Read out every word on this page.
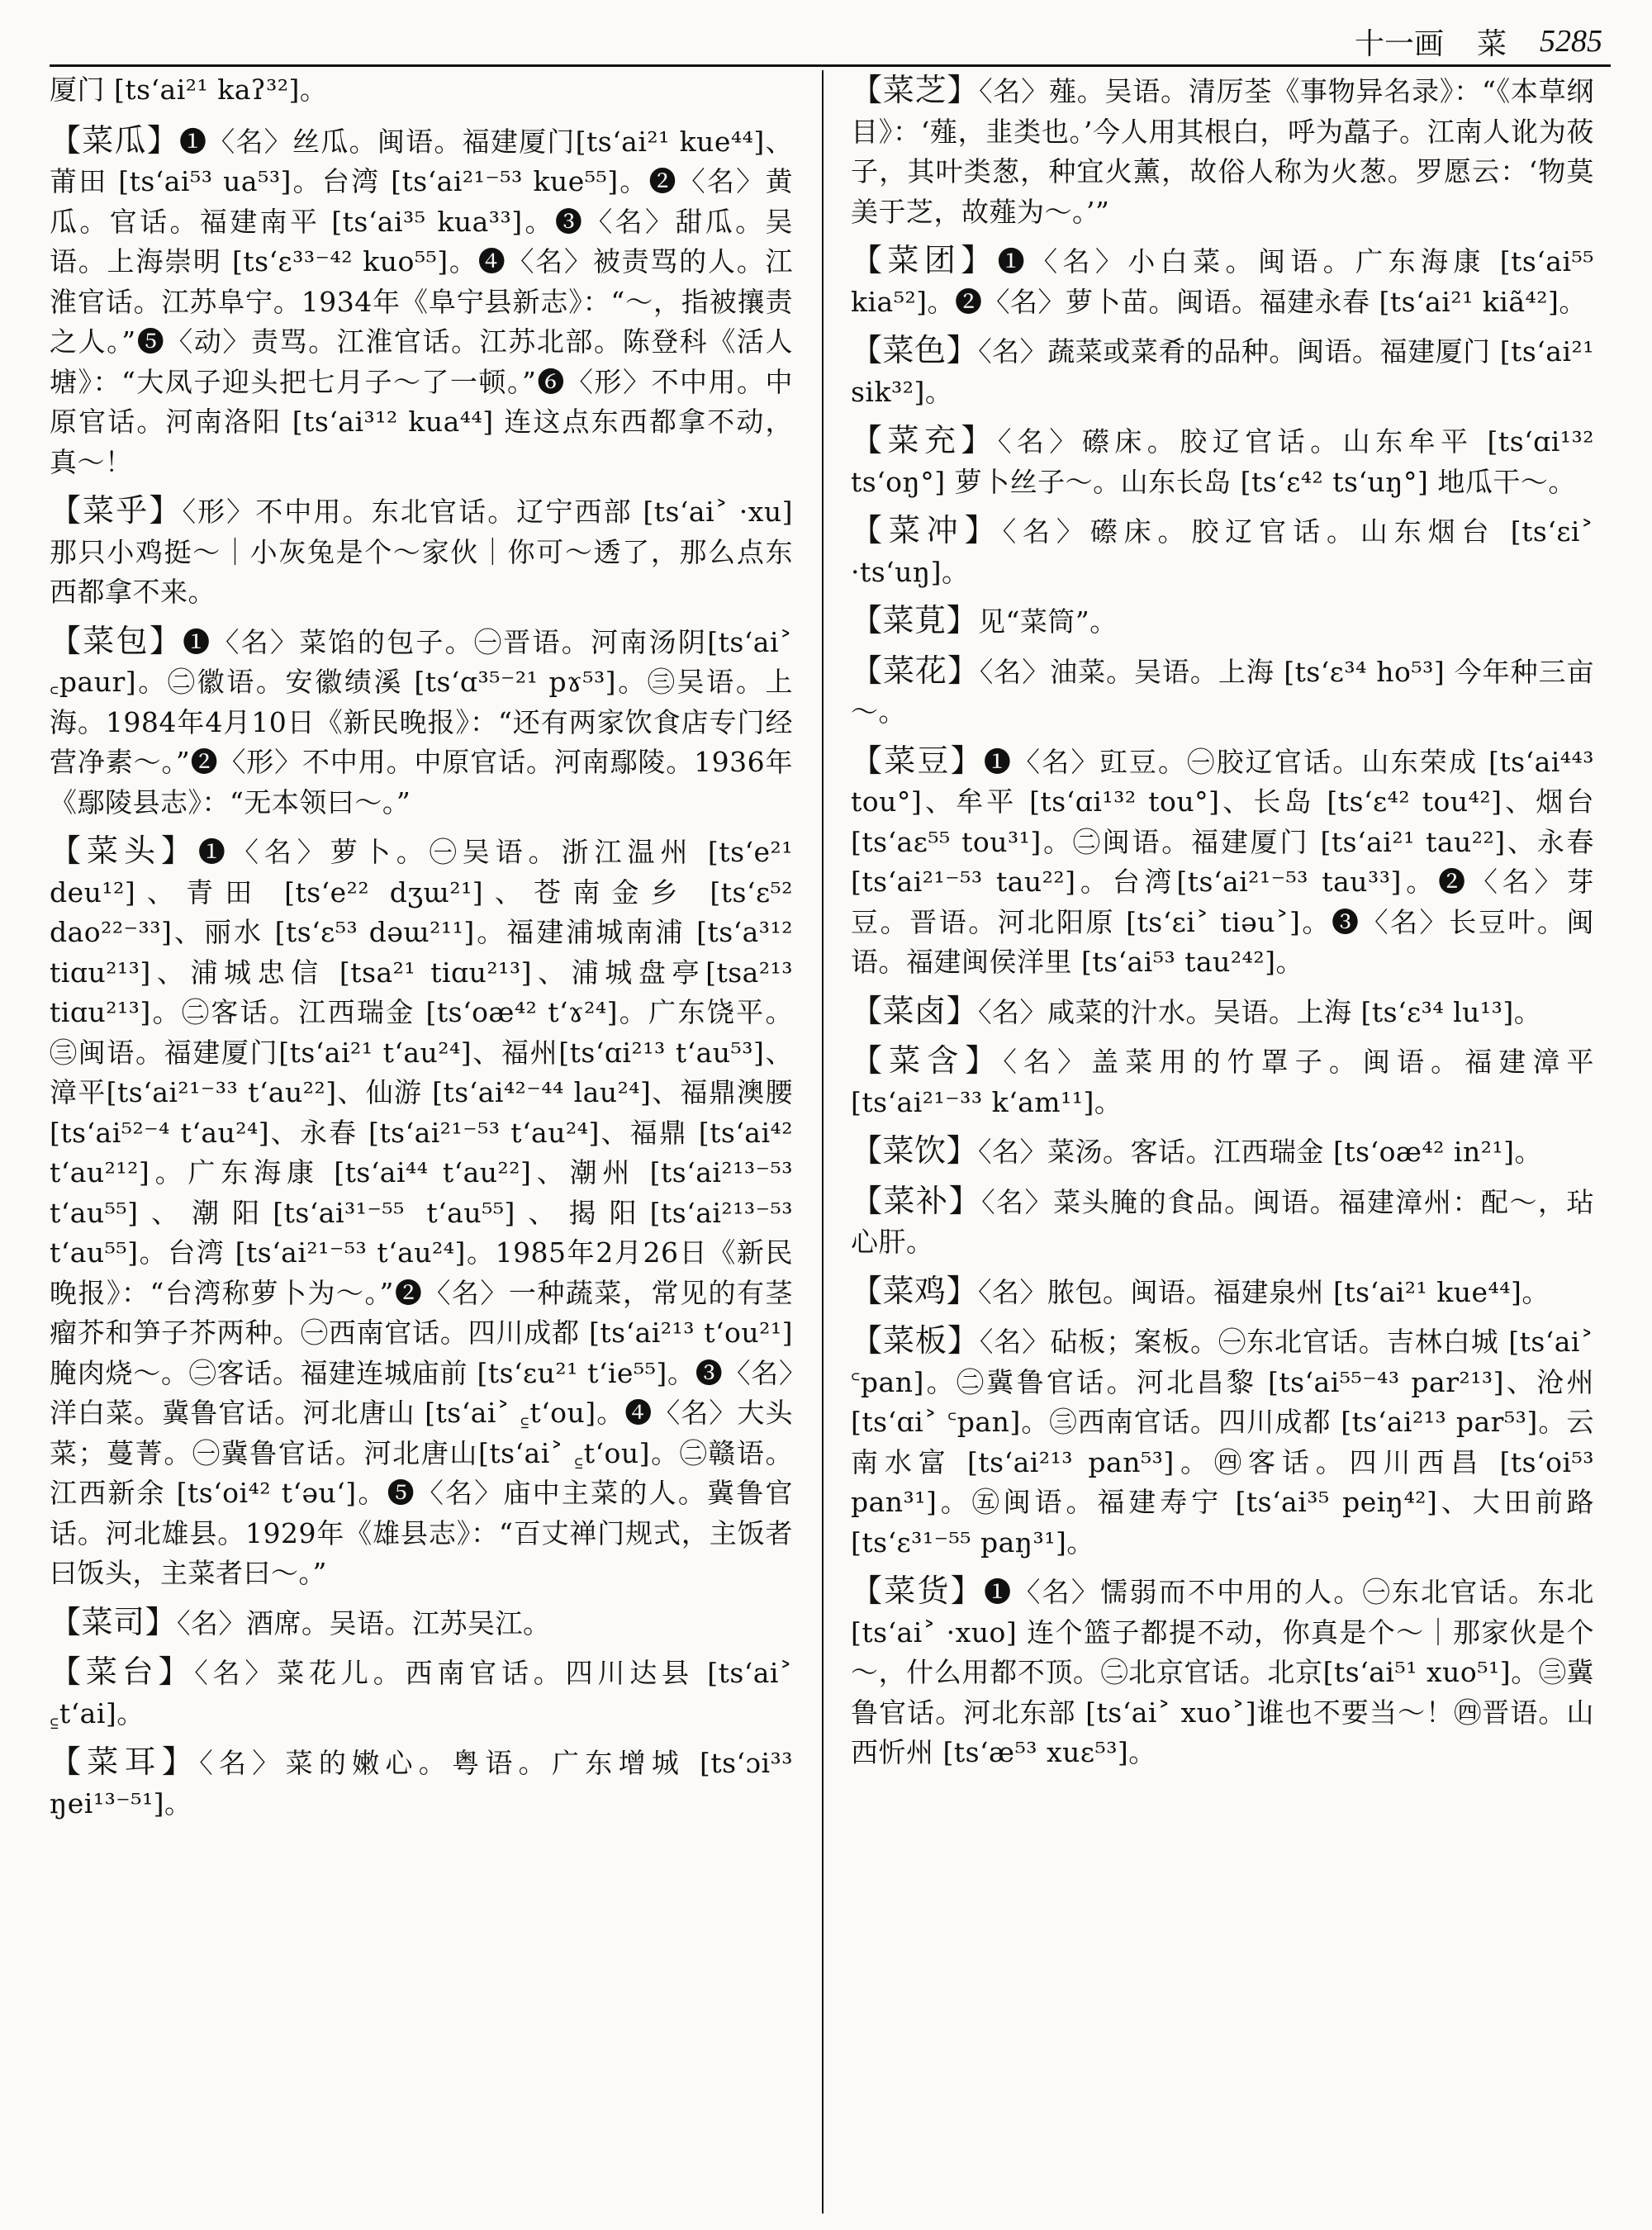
十一画 菜 5285

厦门 [ts‘ai²¹ kaʔ³²]。

【菜瓜】❶〈名〉丝瓜。闽语。福建厦门[ts‘ai²¹ kue⁴⁴]、莆田 [ts‘ai⁵³ ua⁵³]。台湾 [ts‘ai²¹⁻⁵³ kue⁵⁵]。❷〈名〉黄瓜。官话。福建南平 [ts‘ai³⁵ kua³³]。❸〈名〉甜瓜。吴语。上海崇明 [ts‘ɛ³³⁻⁴² kuo⁵⁵]。❹〈名〉被责骂的人。江淮官话。江苏阜宁。1934年《阜宁县新志》：“～，指被攘责之人。”❺〈动〉责骂。江淮官话。江苏北部。陈登科《活人塘》：“大凤子迎头把七月子～了一顿。”❻〈形〉不中用。中原官话。河南洛阳 [ts‘ai³¹² kua⁴⁴] 连这点东西都拿不动，真～！

【菜乎】〈形〉不中用。东北官话。辽宁西部 [ts‘ai˃ ·xu] 那只小鸡挺～｜小灰兔是个～家伙｜你可～透了，那么点东西都拿不来。

【菜包】❶〈名〉菜馅的包子。㊀晋语。河南汤阴[ts‘ai˃ ꜀paur]。㊁徽语。安徽绩溪 [ts‘ɑ³⁵⁻²¹ pɤ⁵³]。㊂吴语。上海。1984年4月10日《新民晚报》：“还有两家饮食店专门经营净素～。”❷〈形〉不中用。中原官话。河南鄢陵。1936年《鄢陵县志》：“无本领曰～。”

【菜头】❶〈名〉萝卜。㊀吴语。浙江温州 [ts‘e²¹ deu¹²]、青田 [ts‘e²² dʒɯ²¹]、苍南金乡 [ts‘ɛ⁵² dao²²⁻³³]、丽水 [ts‘ɛ⁵³ dəɯ²¹¹]。福建浦城南浦 [ts‘a³¹² tiɑu²¹³]、浦城忠信 [tsa²¹ tiɑu²¹³]、浦城盘亭[tsa²¹³ tiɑu²¹³]。㊁客话。江西瑞金 [ts‘oæ⁴² t‘ɤ²⁴]。广东饶平。㊂闽语。福建厦门[ts‘ai²¹ t‘au²⁴]、福州[ts‘ɑi²¹³ t‘au⁵³]、漳平[ts‘ai²¹⁻³³ t‘au²²]、仙游 [ts‘ai⁴²⁻⁴⁴ lau²⁴]、福鼎澳腰 [ts‘ai⁵²⁻⁴ t‘au²⁴]、永春 [ts‘ai²¹⁻⁵³ t‘au²⁴]、福鼎 [ts‘ai⁴² t‘au²¹²]。广东海康 [ts‘ai⁴⁴ t‘au²²]、潮州 [ts‘ai²¹³⁻⁵³ t‘au⁵⁵]、潮阳[ts‘ai³¹⁻⁵⁵ t‘au⁵⁵]、揭阳[ts‘ai²¹³⁻⁵³ t‘au⁵⁵]。台湾 [ts‘ai²¹⁻⁵³ t‘au²⁴]。1985年2月26日《新民晚报》：“台湾称萝卜为～。”❷〈名〉一种蔬菜，常见的有茎瘤芥和笋子芥两种。㊀西南官话。四川成都 [ts‘ai²¹³ t‘ou²¹] 腌肉烧～。㊁客话。福建连城庙前 [ts‘ɛu²¹ t‘ie⁵⁵]。❸〈名〉洋白菜。冀鲁官话。河北唐山 [ts‘ai˃ ꜁t‘ou]。❹〈名〉大头菜；蔓菁。㊀冀鲁官话。河北唐山[ts‘ai˃ ꜁t‘ou]。㊁赣语。江西新余 [ts‘oi⁴² t‘əu‘]。❺〈名〉庙中主菜的人。冀鲁官话。河北雄县。1929年《雄县志》：“百丈禅门规式，主饭者曰饭头，主菜者曰～。”

【菜司】〈名〉酒席。吴语。江苏吴江。

【菜台】〈名〉菜花儿。西南官话。四川达县 [ts‘ai˃ ꜁t‘ai]。

【菜耳】〈名〉菜的嫩心。粤语。广东增城 [ts‘ɔi³³ ŋei¹³⁻⁵¹]。

【菜芝】〈名〉薤。吴语。清厉荃《事物异名录》：“《本草纲目》：‘薤，韭类也。’今人用其根白，呼为藠子。江南人讹为莜子，其叶类葱，种宜火薰，故俗人称为火葱。罗愿云：‘物莫美于芝，故薤为～。’”

【菜团】❶〈名〉小白菜。闽语。广东海康 [ts‘ai⁵⁵ kia⁵²]。❷〈名〉萝卜苗。闽语。福建永春 [ts‘ai²¹ kiã⁴²]。

【菜色】〈名〉蔬菜或菜肴的品种。闽语。福建厦门 [ts‘ai²¹ sik³²]。

【菜充】〈名〉礤床。胶辽官话。山东牟平 [ts‘ɑi¹³² ts‘oŋ°] 萝卜丝子～。山东长岛 [ts‘ɛ⁴² ts‘uŋ°] 地瓜干～。

【菜冲】〈名〉礤床。胶辽官话。山东烟台 [ts‘ɛi˃ ·ts‘uŋ]。

【菜莧】见“菜筒”。

【菜花】〈名〉油菜。吴语。上海 [ts‘ɛ³⁴ ho⁵³] 今年种三亩～。

【菜豆】❶〈名〉豇豆。㊀胶辽官话。山东荣成 [ts‘ai⁴⁴³ tou°]、牟平 [ts‘ɑi¹³² tou°]、长岛 [ts‘ɛ⁴² tou⁴²]、烟台 [ts‘aɛ⁵⁵ tou³¹]。㊁闽语。福建厦门 [ts‘ai²¹ tau²²]、永春 [ts‘ai²¹⁻⁵³ tau²²]。台湾[ts‘ai²¹⁻⁵³ tau³³]。❷〈名〉芽豆。晋语。河北阳原 [ts‘ɛi˃ tiəu˃]。❸〈名〉长豆叶。闽语。福建闽侯洋里 [ts‘ai⁵³ tau²⁴²]。

【菜卤】〈名〉咸菜的汁水。吴语。上海 [ts‘ɛ³⁴ lu¹³]。

【菜含】〈名〉盖菜用的竹罩子。闽语。福建漳平 [ts‘ai²¹⁻³³ k‘am¹¹]。

【菜饮】〈名〉菜汤。客话。江西瑞金 [ts‘oæ⁴² in²¹]。

【菜补】〈名〉菜头腌的食品。闽语。福建漳州：配～，玷心肝。

【菜鸡】〈名〉脓包。闽语。福建泉州 [ts‘ai²¹ kue⁴⁴]。

【菜板】〈名〉砧板；案板。㊀东北官话。吉林白城 [ts‘ai˃ ꜂pan]。㊁冀鲁官话。河北昌黎 [ts‘ai⁵⁵⁻⁴³ par²¹³]、沧州 [ts‘ɑi˃ ꜂pan]。㊂西南官话。四川成都 [ts‘ai²¹³ par⁵³]。云南水富 [ts‘ai²¹³ pan⁵³]。㊃客话。四川西昌 [ts‘oi⁵³ pan³¹]。㊄闽语。福建寿宁 [ts‘ai³⁵ peiŋ⁴²]、大田前路 [ts‘ɛ³¹⁻⁵⁵ paŋ³¹]。

【菜货】❶〈名〉懦弱而不中用的人。㊀东北官话。东北 [ts‘ai˃ ·xuo] 连个篮子都提不动，你真是个～｜那家伙是个～，什么用都不顶。㊁北京官话。北京[ts‘ai⁵¹ xuo⁵¹]。㊂冀鲁官话。河北东部 [ts‘ai˃ xuo˃]谁也不要当～！㊃晋语。山西忻州 [ts‘æ⁵³ xuɛ⁵³]。
